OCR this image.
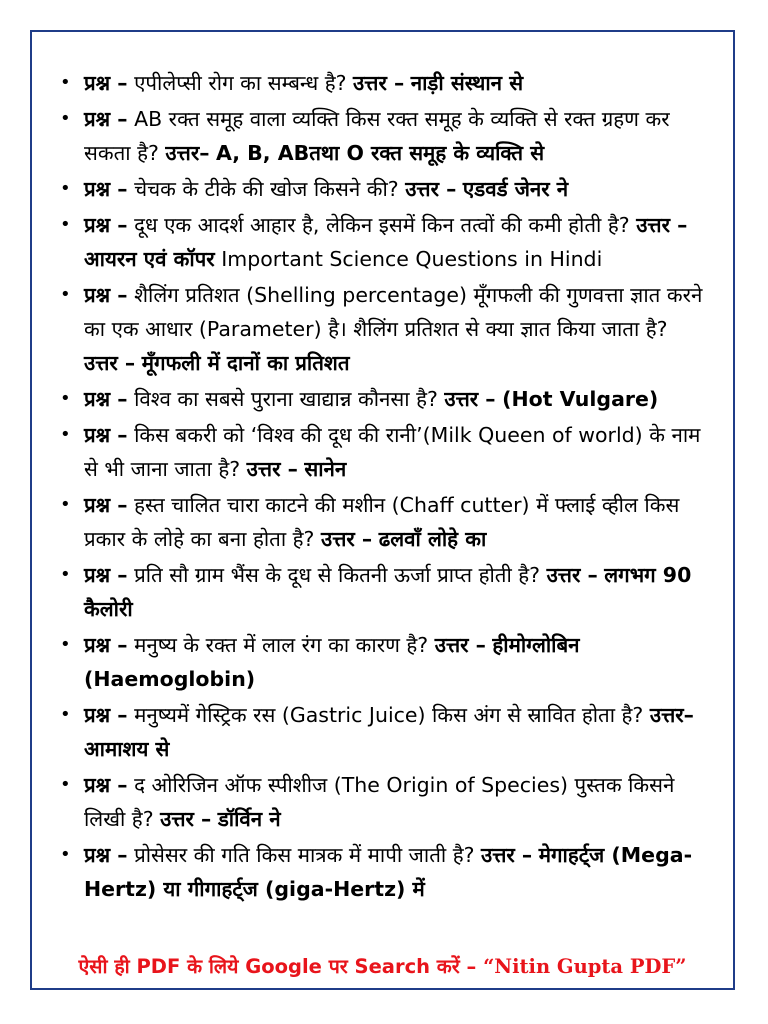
• प्रश्न – एपीलेप्सी रोग का सम्बन्ध है? उत्तर – नाड़ी संस्थान से
• प्रश्न – AB रक्त समूह वाला व्यक्ति किस रक्त समूह के व्यक्ति से रक्त ग्रहण कर सकता है? उत्तर– A, B, ABतथा O रक्त समूह के व्यक्ति से
• प्रश्न – चेचक के टीके की खोज किसने की? उत्तर – एडवर्ड जेनर ने
• प्रश्न – दूध एक आदर्श आहार है, लेकिन इसमें किन तत्वों की कमी होती है? उत्तर – आयरन एवं कॉपर Important Science Questions in Hindi
• प्रश्न – शैलिंग प्रतिशत (Shelling percentage) मूँगफली की गुणवत्ता ज्ञात करने का एक आधार (Parameter) है। शैलिंग प्रतिशत से क्या ज्ञात किया जाता है? उत्तर – मूँगफली में दानों का प्रतिशत
• प्रश्न – विश्व का सबसे पुराना खाद्यान्न कौनसा है? उत्तर – (Hot Vulgare)
• प्रश्न – किस बकरी को ‘विश्व की दूध की रानी’(Milk Queen of world) के नाम से भी जाना जाता है? उत्तर – सानेन
• प्रश्न – हस्त चालित चारा काटने की मशीन (Chaff cutter) में फ्लाई व्हील किस प्रकार के लोहे का बना होता है? उत्तर – ढलवाँ लोहे का
• प्रश्न – प्रति सौ ग्राम भैंस के दूध से कितनी ऊर्जा प्राप्त होती है? उत्तर – लगभग 90 कैलोरी
• प्रश्न – मनुष्य के रक्त में लाल रंग का कारण है? उत्तर – हीमोग्लोबिन (Haemoglobin)
• प्रश्न – मनुष्यमें गेस्ट्रिक रस (Gastric Juice) किस अंग से स्रावित होता है? उत्तर– आमाशय से
• प्रश्न – द ओरिजिन ऑफ स्पीशीज (The Origin of Species) पुस्तक किसने लिखी है? उत्तर – डॉर्विन ने
• प्रश्न – प्रोसेसर की गति किस मात्रक में मापी जाती है? उत्तर – मेगाहर्ट्ज (Mega-Hertz) या गीगाहर्ट्ज (giga-Hertz) में
ऐसी ही PDF के लिये Google पर Search करें – “Nitin Gupta PDF”
